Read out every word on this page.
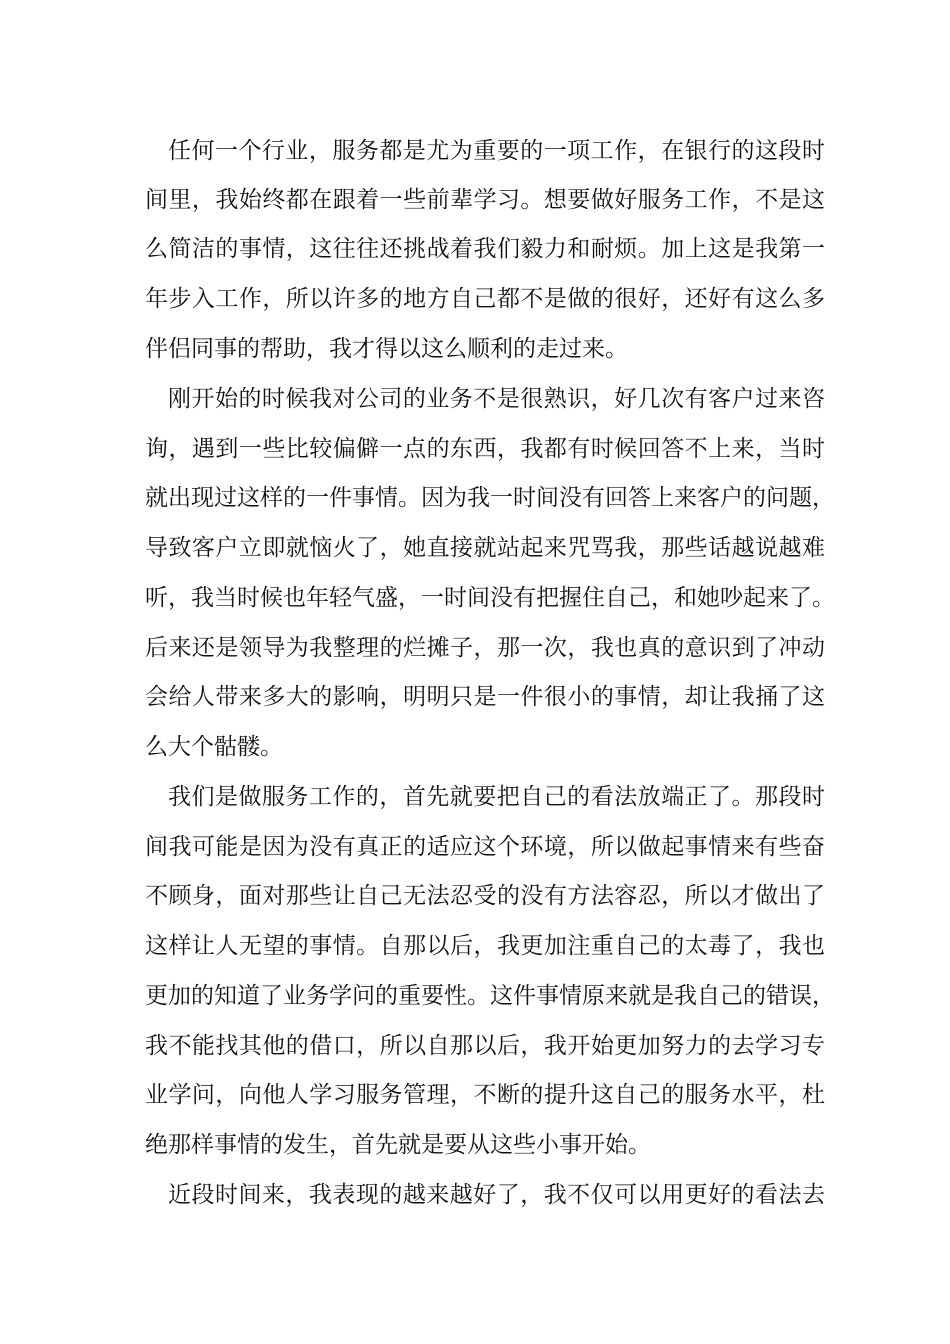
任何一个行业，服务都是尤为重要的一项工作，在银行的这段时
间里，我始终都在跟着一些前辈学习。想要做好服务工作，不是这
么简洁的事情，这往往还挑战着我们毅力和耐烦。加上这是我第一
年步入工作，所以许多的地方自己都不是做的很好，还好有这么多
伴侣同事的帮助，我才得以这么顺利的走过来。
刚开始的时候我对公司的业务不是很熟识，好几次有客户过来咨
询，遇到一些比较偏僻一点的东西，我都有时候回答不上来，当时
就出现过这样的一件事情。因为我一时间没有回答上来客户的问题，
导致客户立即就恼火了，她直接就站起来咒骂我，那些话越说越难
听，我当时候也年轻气盛，一时间没有把握住自己，和她吵起来了。
后来还是领导为我整理的烂摊子，那一次，我也真的意识到了冲动
会给人带来多大的影响，明明只是一件很小的事情，却让我捅了这
么大个骷髅。
我们是做服务工作的，首先就要把自己的看法放端正了。那段时
间我可能是因为没有真正的适应这个环境，所以做起事情来有些奋
不顾身，面对那些让自己无法忍受的没有方法容忍，所以才做出了
这样让人无望的事情。自那以后，我更加注重自己的太毒了，我也
更加的知道了业务学问的重要性。这件事情原来就是我自己的错误，
我不能找其他的借口，所以自那以后，我开始更加努力的去学习专
业学问，向他人学习服务管理，不断的提升这自己的服务水平，杜
绝那样事情的发生，首先就是要从这些小事开始。
近段时间来，我表现的越来越好了，我不仅可以用更好的看法去
